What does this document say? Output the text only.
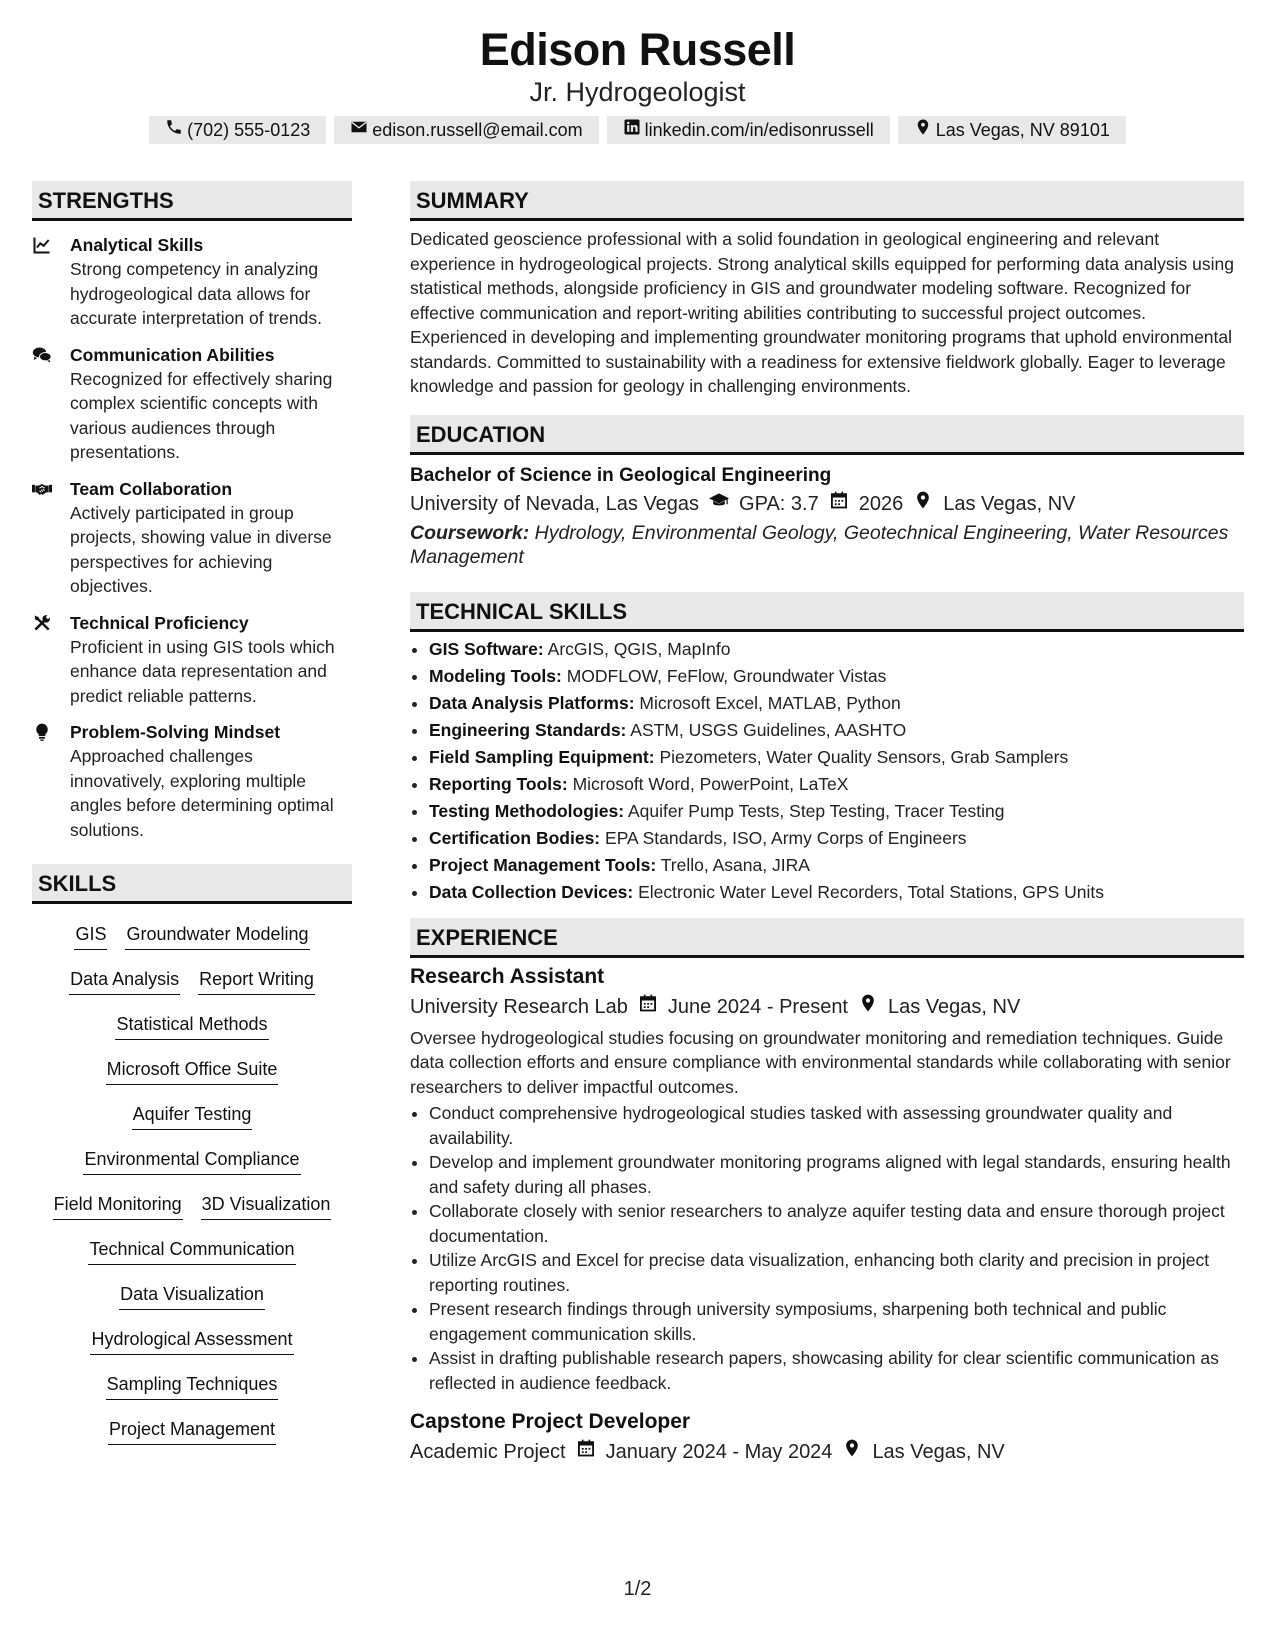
Edison Russell
Jr. Hydrogeologist
(702) 555-0123	edison.russell@email.com	linkedin.com/in/edisonrussell	Las Vegas, NV 89101
STRENGTHS
Analytical Skills
Strong competency in analyzing hydrogeological data allows for accurate interpretation of trends.
Communication Abilities
Recognized for effectively sharing complex scientific concepts with various audiences through presentations.
Team Collaboration
Actively participated in group projects, showing value in diverse perspectives for achieving objectives.
Technical Proficiency
Proficient in using GIS tools which enhance data representation and predict reliable patterns.
Problem-Solving Mindset
Approached challenges innovatively, exploring multiple angles before determining optimal solutions.
SKILLS
GIS Groundwater Modeling
Data Analysis Report Writing
Statistical Methods
Microsoft Office Suite
Aquifer Testing
Environmental Compliance
Field Monitoring 3D Visualization
Technical Communication
Data Visualization
Hydrological Assessment
Sampling Techniques
Project Management
SUMMARY
Dedicated geoscience professional with a solid foundation in geological engineering and relevant experience in hydrogeological projects. Strong analytical skills equipped for performing data analysis using statistical methods, alongside proficiency in GIS and groundwater modeling software. Recognized for effective communication and report-writing abilities contributing to successful project outcomes. Experienced in developing and implementing groundwater monitoring programs that uphold environmental standards. Committed to sustainability with a readiness for extensive fieldwork globally. Eager to leverage knowledge and passion for geology in challenging environments.
EDUCATION
Bachelor of Science in Geological Engineering
University of Nevada, Las Vegas GPA: 3.7 2026 Las Vegas, NV
Coursework: Hydrology, Environmental Geology, Geotechnical Engineering, Water Resources Management
TECHNICAL SKILLS
• GIS Software: ArcGIS, QGIS, MapInfo
• Modeling Tools: MODFLOW, FeFlow, Groundwater Vistas
• Data Analysis Platforms: Microsoft Excel, MATLAB, Python
• Engineering Standards: ASTM, USGS Guidelines, AASHTO
• Field Sampling Equipment: Piezometers, Water Quality Sensors, Grab Samplers
• Reporting Tools: Microsoft Word, PowerPoint, LaTeX
• Testing Methodologies: Aquifer Pump Tests, Step Testing, Tracer Testing
• Certification Bodies: EPA Standards, ISO, Army Corps of Engineers
• Project Management Tools: Trello, Asana, JIRA
• Data Collection Devices: Electronic Water Level Recorders, Total Stations, GPS Units
EXPERIENCE
Research Assistant
University Research Lab June 2024 - Present Las Vegas, NV
Oversee hydrogeological studies focusing on groundwater monitoring and remediation techniques. Guide data collection efforts and ensure compliance with environmental standards while collaborating with senior researchers to deliver impactful outcomes.
• Conduct comprehensive hydrogeological studies tasked with assessing groundwater quality and availability.
• Develop and implement groundwater monitoring programs aligned with legal standards, ensuring health and safety during all phases.
• Collaborate closely with senior researchers to analyze aquifer testing data and ensure thorough project documentation.
• Utilize ArcGIS and Excel for precise data visualization, enhancing both clarity and precision in project reporting routines.
• Present research findings through university symposiums, sharpening both technical and public engagement communication skills.
• Assist in drafting publishable research papers, showcasing ability for clear scientific communication as reflected in audience feedback.
Capstone Project Developer
Academic Project January 2024 - May 2024 Las Vegas, NV
1/2
